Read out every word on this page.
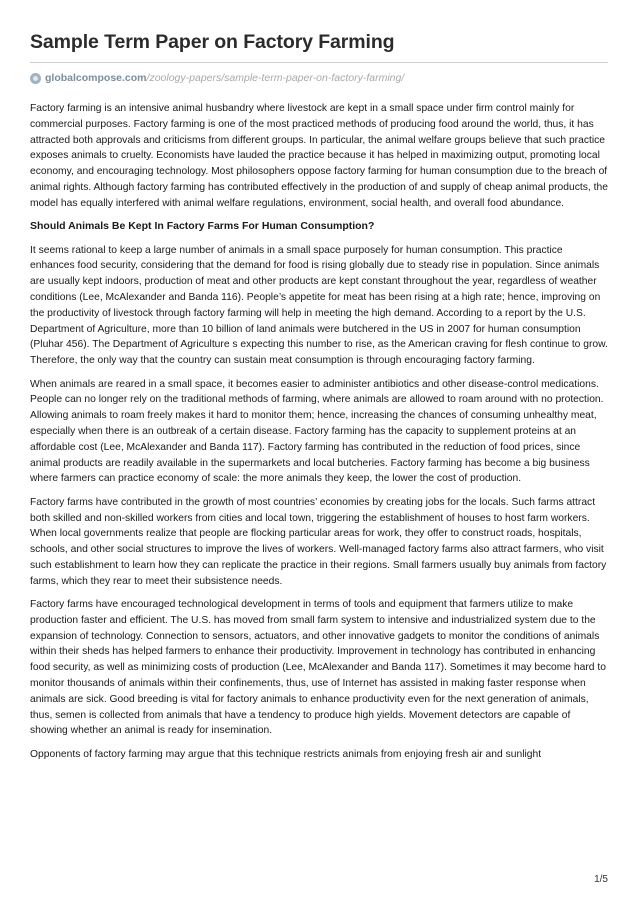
Sample Term Paper on Factory Farming
globalcompose.com /zoology-papers/sample-term-paper-on-factory-farming/

Factory farming is an intensive animal husbandry where livestock are kept in a small space under firm control mainly for commercial purposes. Factory farming is one of the most practiced methods of producing food around the world, thus, it has attracted both approvals and criticisms from different groups. In particular, the animal welfare groups believe that such practice exposes animals to cruelty. Economists have lauded the practice because it has helped in maximizing output, promoting local economy, and encouraging technology. Most philosophers oppose factory farming for human consumption due to the breach of animal rights. Although factory farming has contributed effectively in the production of and supply of cheap animal products, the model has equally interfered with animal welfare regulations, environment, social health, and overall food abundance.

Should Animals Be Kept In Factory Farms For Human Consumption?

It seems rational to keep a large number of animals in a small space purposely for human consumption. This practice enhances food security, considering that the demand for food is rising globally due to steady rise in population. Since animals are usually kept indoors, production of meat and other products are kept constant throughout the year, regardless of weather conditions (Lee, McAlexander and Banda 116). People’s appetite for meat has been rising at a high rate; hence, improving on the productivity of livestock through factory farming will help in meeting the high demand. According to a report by the U.S. Department of Agriculture, more than 10 billion of land animals were butchered in the US in 2007 for human consumption (Pluhar 456). The Department of Agriculture s expecting this number to rise, as the American craving for flesh continue to grow. Therefore, the only way that the country can sustain meat consumption is through encouraging factory farming.

When animals are reared in a small space, it becomes easier to administer antibiotics and other disease-control medications. People can no longer rely on the traditional methods of farming, where animals are allowed to roam around with no protection. Allowing animals to roam freely makes it hard to monitor them; hence, increasing the chances of consuming unhealthy meat, especially when there is an outbreak of a certain disease. Factory farming has the capacity to supplement proteins at an affordable cost (Lee, McAlexander and Banda 117). Factory farming has contributed in the reduction of food prices, since animal products are readily available in the supermarkets and local butcheries. Factory farming has become a big business where farmers can practice economy of scale: the more animals they keep, the lower the cost of production.

Factory farms have contributed in the growth of most countries’ economies by creating jobs for the locals. Such farms attract both skilled and non-skilled workers from cities and local town, triggering the establishment of houses to host farm workers. When local governments realize that people are flocking particular areas for work, they offer to construct roads, hospitals, schools, and other social structures to improve the lives of workers. Well-managed factory farms also attract farmers, who visit such establishment to learn how they can replicate the practice in their regions. Small farmers usually buy animals from factory farms, which they rear to meet their subsistence needs.

Factory farms have encouraged technological development in terms of tools and equipment that farmers utilize to make production faster and efficient. The U.S. has moved from small farm system to intensive and industrialized system due to the expansion of technology. Connection to sensors, actuators, and other innovative gadgets to monitor the conditions of animals within their sheds has helped farmers to enhance their productivity. Improvement in technology has contributed in enhancing food security, as well as minimizing costs of production (Lee, McAlexander and Banda 117). Sometimes it may become hard to monitor thousands of animals within their confinements, thus, use of Internet has assisted in making faster response when animals are sick. Good breeding is vital for factory animals to enhance productivity even for the next generation of animals, thus, semen is collected from animals that have a tendency to produce high yields. Movement detectors are capable of showing whether an animal is ready for insemination.

Opponents of factory farming may argue that this technique restricts animals from enjoying fresh air and sunlight

1/5
